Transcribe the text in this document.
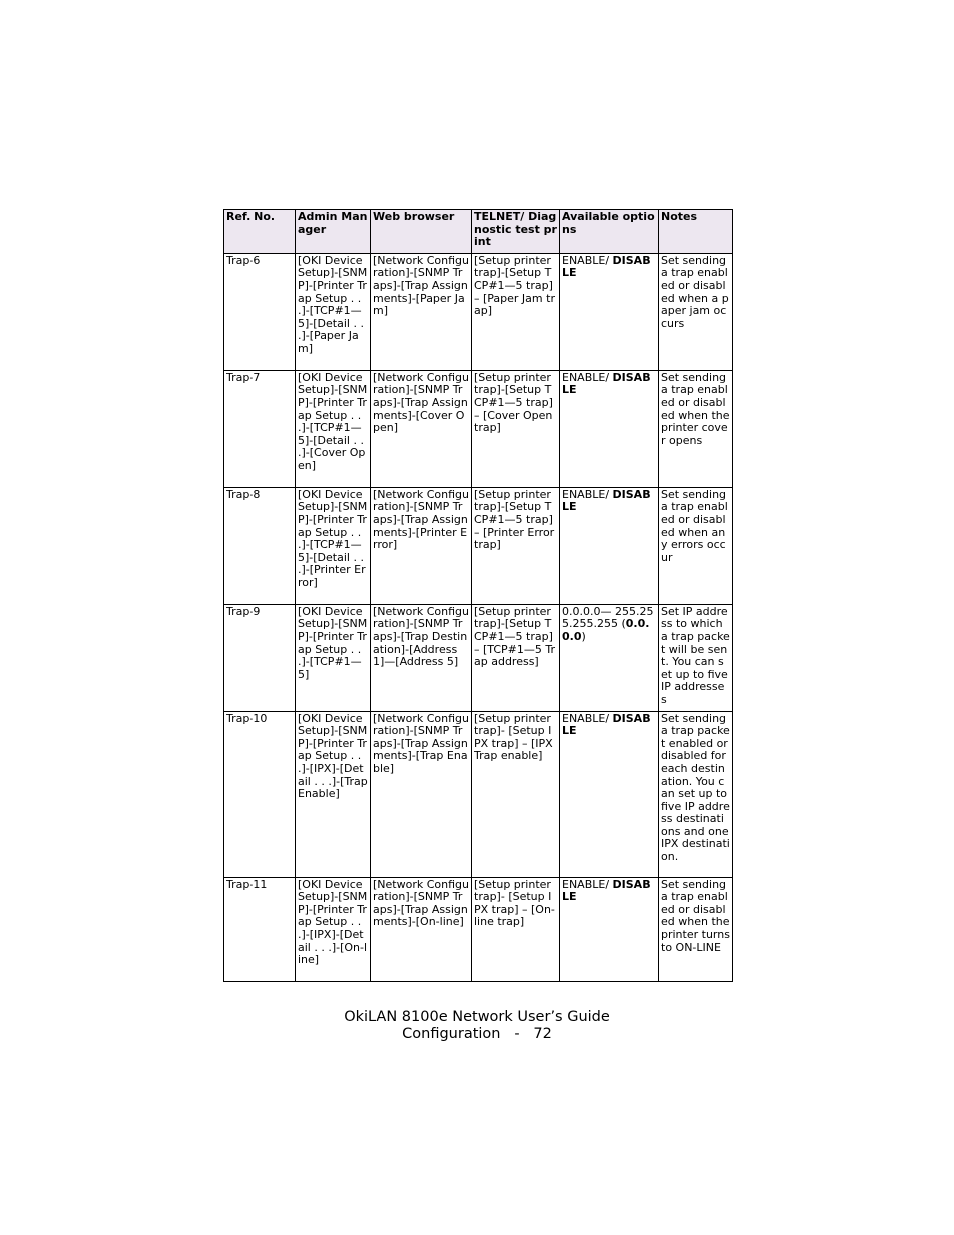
Ref. No.	Admin Manager	Web browser	TELNET/ Diagnostic test print	Available options	Notes
Trap-6	[OKI Device Setup]-[SNMP]-[Printer Trap Setup . . .]-[TCP#1—5]-[Detail . . .]-[Paper Jam]	[Network Configuration]-[SNMP Traps]-[Trap Assignments]-[Paper Jam]	[Setup printer trap]-[Setup TCP#1—5 trap] – [Paper Jam trap]	ENABLE/ DISABLE	Set sending a trap enabled or disabled when a paper jam occurs
Trap-7	[OKI Device Setup]-[SNMP]-[Printer Trap Setup . . .]-[TCP#1—5]-[Detail . . .]-[Cover Open]	[Network Configuration]-[SNMP Traps]-[Trap Assignments]-[Cover Open]	[Setup printer trap]-[Setup TCP#1—5 trap] – [Cover Open trap]	ENABLE/ DISABLE	Set sending a trap enabled or disabled when the printer cover opens
Trap-8	[OKI Device Setup]-[SNMP]-[Printer Trap Setup . . .]-[TCP#1—5]-[Detail . . .]-[Printer Error]	[Network Configuration]-[SNMP Traps]-[Trap Assignments]-[Printer Error]	[Setup printer trap]-[Setup TCP#1—5 trap] – [Printer Error trap]	ENABLE/ DISABLE	Set sending a trap enabled or disabled when any errors occur
Trap-9	[OKI Device Setup]-[SNMP]-[Printer Trap Setup . . .]-[TCP#1—5]	[Network Configuration]-[SNMP Traps]-[Trap Destination]-[Address 1]—[Address 5]	[Setup printer trap]-[Setup TCP#1—5 trap] – [TCP#1—5 Trap address]	0.0.0.0— 255.255.255.255 (0.0.0.0)	Set IP address to which a trap packet will be sent. You can set up to five IP addresses
Trap-10	[OKI Device Setup]-[SNMP]-[Printer Trap Setup . . .]-[IPX]-[Detail . . .]-[Trap Enable]	[Network Configuration]-[SNMP Traps]-[Trap Assignments]-[Trap Enable]	[Setup printer trap]- [Setup IPX trap] – [IPX Trap enable]	ENABLE/ DISABLE	Set sending a trap packet enabled or disabled for each destination. You can set up to five IP address destinations and one IPX destination.
Trap-11	[OKI Device Setup]-[SNMP]-[Printer Trap Setup . . .]-[IPX]-[Detail . . .]-[On-line]	[Network Configuration]-[SNMP Traps]-[Trap Assignments]-[On-line]	[Setup printer trap]- [Setup IPX trap] – [On-line trap]	ENABLE/ DISABLE	Set sending a trap enabled or disabled when the printer turns to ON-LINE
OkiLAN 8100e Network User’s Guide
Configuration   -   72
